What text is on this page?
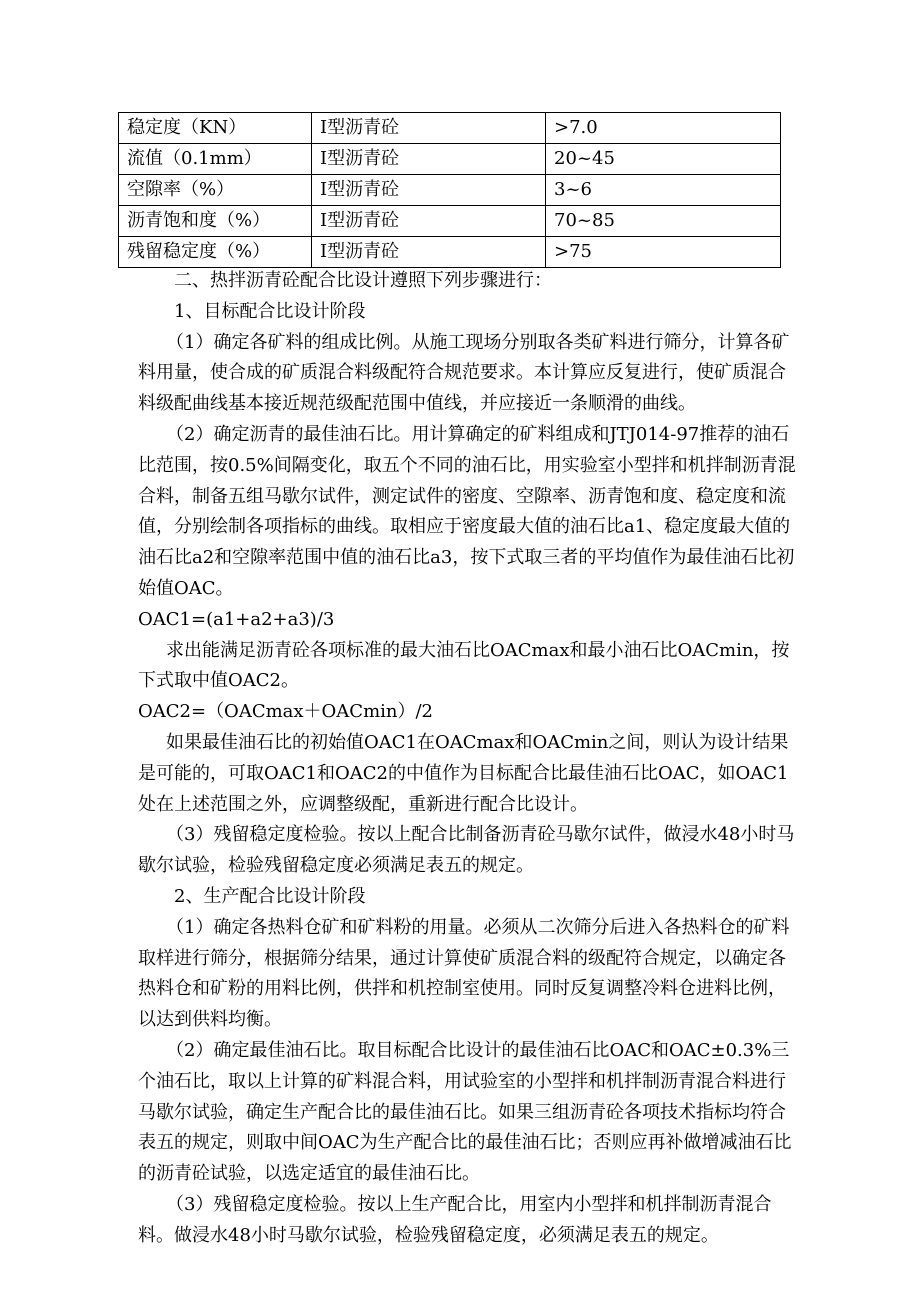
稳定度（KN）	Ⅰ型沥青砼	>7.0
流值（0.1mm）	Ⅰ型沥青砼	20~45
空隙率（%）	Ⅰ型沥青砼	3~6
沥青饱和度（%）	Ⅰ型沥青砼	70~85
残留稳定度（%）	Ⅰ型沥青砼	>75

二、热拌沥青砼配合比设计遵照下列步骤进行：

1、目标配合比设计阶段

（1）确定各矿料的组成比例。从施工现场分别取各类矿料进行筛分，计算各矿料用量，使合成的矿质混合料级配符合规范要求。本计算应反复进行，使矿质混合料级配曲线基本接近规范级配范围中值线，并应接近一条顺滑的曲线。

（2）确定沥青的最佳油石比。用计算确定的矿料组成和JTJ014-97推荐的油石比范围，按0.5%间隔变化，取五个不同的油石比，用实验室小型拌和机拌制沥青混合料，制备五组马歇尔试件，测定试件的密度、空隙率、沥青饱和度、稳定度和流值，分别绘制各项指标的曲线。取相应于密度最大值的油石比a1、稳定度最大值的油石比a2和空隙率范围中值的油石比a3，按下式取三者的平均值作为最佳油石比初始值OAC。

OAC1=(a1+a2+a3)/3

求出能满足沥青砼各项标准的最大油石比OACmax和最小油石比OACmin，按下式取中值OAC2。

OAC2=（OACmax＋OACmin）/2

如果最佳油石比的初始值OAC1在OACmax和OACmin之间，则认为设计结果是可能的，可取OAC1和OAC2的中值作为目标配合比最佳油石比OAC，如OAC1处在上述范围之外，应调整级配，重新进行配合比设计。

（3）残留稳定度检验。按以上配合比制备沥青砼马歇尔试件，做浸水48小时马歇尔试验，检验残留稳定度必须满足表五的规定。

2、生产配合比设计阶段

（1）确定各热料仓矿和矿料粉的用量。必须从二次筛分后进入各热料仓的矿料取样进行筛分，根据筛分结果，通过计算使矿质混合料的级配符合规定，以确定各热料仓和矿粉的用料比例，供拌和机控制室使用。同时反复调整冷料仓进料比例，以达到供料均衡。

（2）确定最佳油石比。取目标配合比设计的最佳油石比OAC和OAC±0.3%三个油石比，取以上计算的矿料混合料，用试验室的小型拌和机拌制沥青混合料进行马歇尔试验，确定生产配合比的最佳油石比。如果三组沥青砼各项技术指标均符合表五的规定，则取中间OAC为生产配合比的最佳油石比；否则应再补做增减油石比的沥青砼试验，以选定适宜的最佳油石比。

（3）残留稳定度检验。按以上生产配合比，用室内小型拌和机拌制沥青混合料。做浸水48小时马歇尔试验，检验残留稳定度，必须满足表五的规定。
